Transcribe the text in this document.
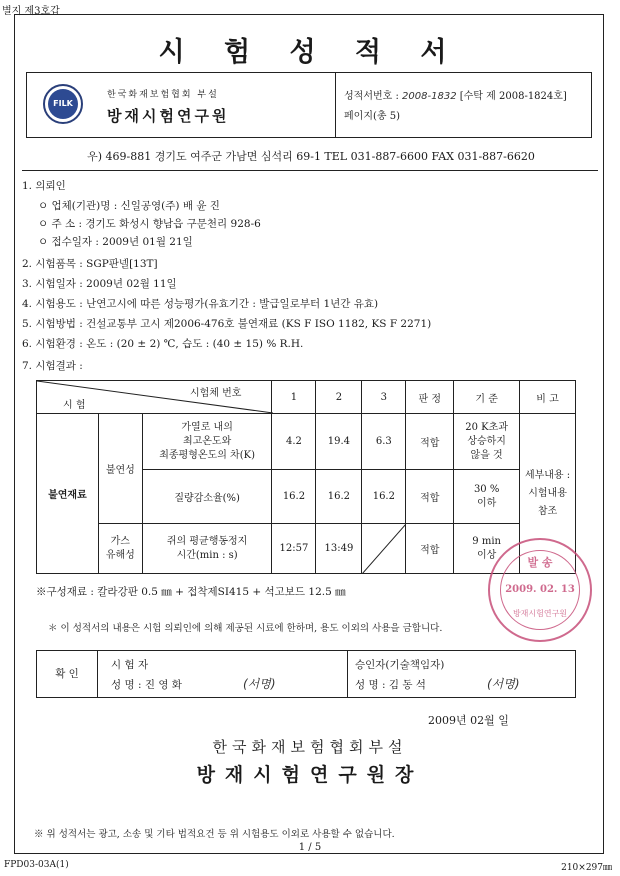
별지 제3호갑
시 험 성 적 서
FILK
한국화재보험협회 부설
방재시험연구원
성적서번호 : 2008-1832 [수탁 제 2008-1824호]
페이지(총 5)
우) 469-881 경기도 여주군 가남면 심석리 69-1 TEL 031-887-6600 FAX 031-887-6620
1. 의뢰인
ㅇ 업체(기관)명 : 신일공영(주) 배 윤 진
ㅇ 주 소 : 경기도 화성시 향남읍 구문천리 928-6
ㅇ 접수일자 : 2009년 01월 21일
2. 시험품목 : SGP판넬[13T]
3. 시험일자 : 2009년 02월 11일
4. 시험용도 : 난연고시에 따른 성능평가(유효기간 : 발급일로부터 1년간 유효)
5. 시험방법 : 건설교통부 고시 제2006-476호 불연재료 (KS F ISO 1182, KS F 2271)
6. 시험환경 : 온도 : (20 ± 2) ℃, 습도 : (40 ± 15) % R.H.
7. 시험결과 :
시험체 번호
시 험			1	2	3	판 정	기 준	비 고
불연재료	불연성	가열로 내의
최고온도와
최종평형온도의 차(K)	4.2	19.4	6.3	적합	20 K초과
상승하지
않을 것	세부내용 :
시험내용
참조
		질량감소율(%)	16.2	16.2	16.2	적합	30 %
이하	
	가스
유해성	쥐의 평균행동정지
시간(min : s)	12:57	13:49		적합	9 min
이상	
※구성재료 : 칼라강판 0.5 ㎜ + 접착제SI415 + 석고보드 12.5 ㎜
＊ 이 성적서의 내용은 시험 의뢰인에 의해 제공된 시료에 한하며, 용도 이외의 사용을 금합니다.
발 송
2009. 02. 13
방재시험연구원
확 인
시 험 자
성 명 : 진 영 화	(서명)
승인자(기술책임자)
성 명 : 김 동 석	(서명)
2009년 02월 일
한국화재보험협회부설
방재시험연구원장
※ 위 성적서는 광고, 소송 및 기타 법적요건 등 위 시험용도 이외로 사용할 수 없습니다.
1 / 5
FPD03-03A(1)	210×297㎜
